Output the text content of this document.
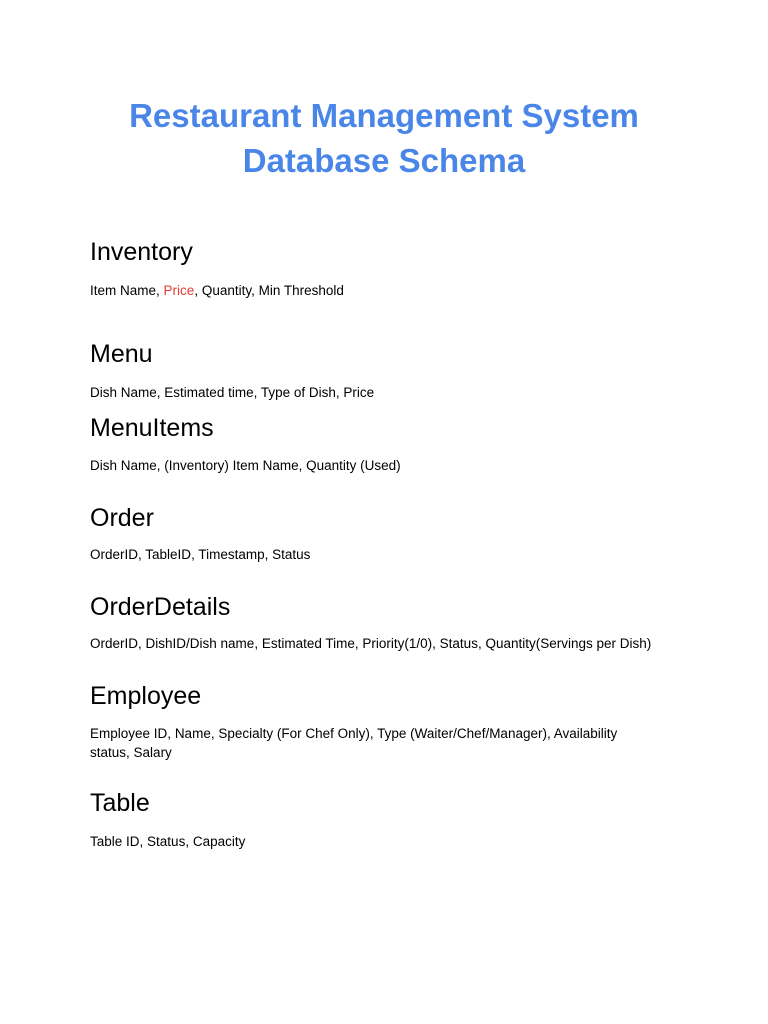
Restaurant Management System
Database Schema
Inventory

Item Name, Price, Quantity, Min Threshold

Menu

Dish Name, Estimated time, Type of Dish, Price

MenuItems

Dish Name, (Inventory) Item Name, Quantity (Used)

Order

OrderID, TableID, Timestamp, Status

OrderDetails

OrderID, DishID/Dish name, Estimated Time, Priority(1/0), Status, Quantity(Servings per Dish)

Employee

Employee ID, Name, Specialty (For Chef Only), Type (Waiter/Chef/Manager), Availability status, Salary

Table

Table ID, Status, Capacity
